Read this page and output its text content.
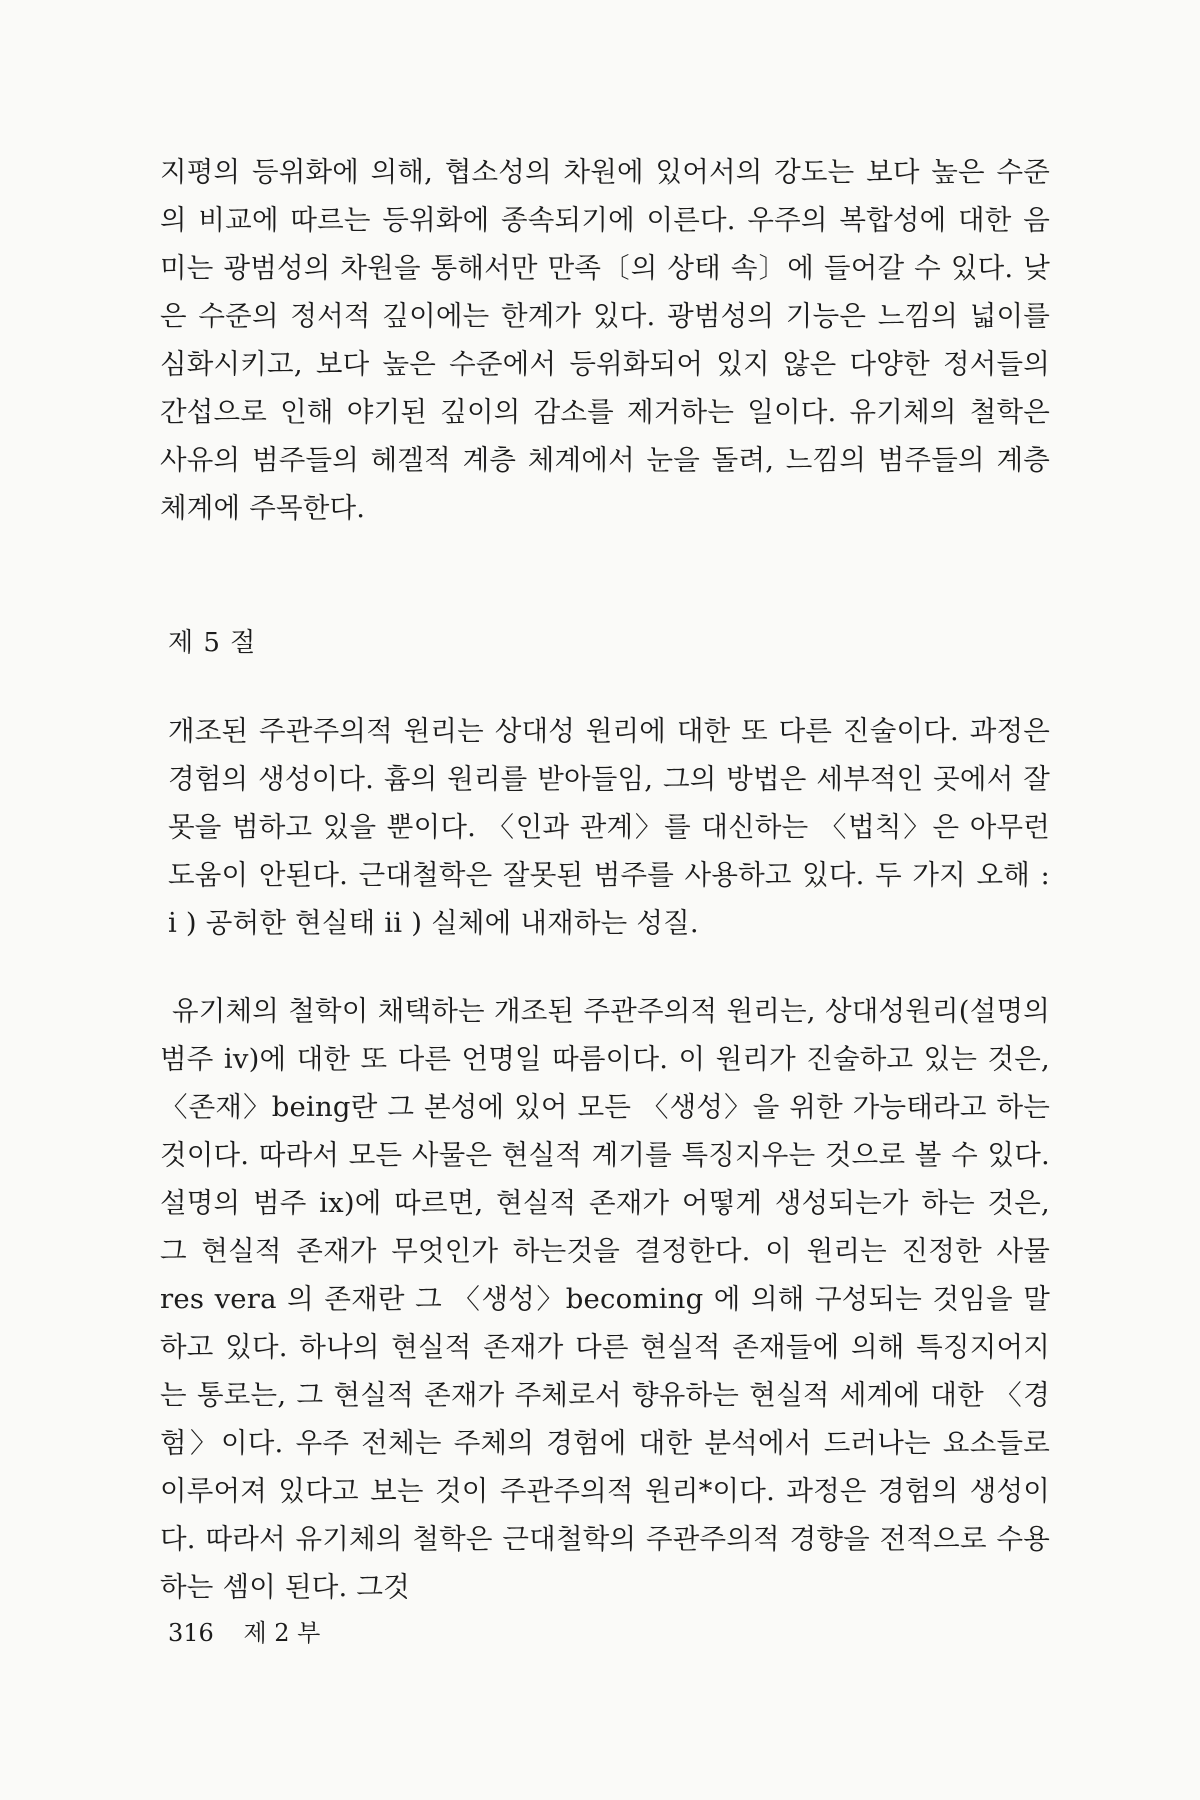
지평의 등위화에 의해, 협소성의 차원에 있어서의 강도는 보다 높은 수준의 비교에 따르는 등위화에 종속되기에 이른다. 우주의 복합성에 대한 음미는 광범성의 차원을 통해서만 만족〔의 상태 속〕에 들어갈 수 있다. 낮은 수준의 정서적 깊이에는 한계가 있다. 광범성의 기능은 느낌의 넓이를 심화시키고, 보다 높은 수준에서 등위화되어 있지 않은 다양한 정서들의 간섭으로 인해 야기된 깊이의 감소를 제거하는 일이다. 유기체의 철학은 사유의 범주들의 헤겔적 계층 체계에서 눈을 돌려, 느낌의 범주들의 계층 체계에 주목한다.

제 5 절

개조된 주관주의적 원리는 상대성 원리에 대한 또 다른 진술이다. 과정은 경험의 생성이다. 흄의 원리를 받아들임, 그의 방법은 세부적인 곳에서 잘못을 범하고 있을 뿐이다. 〈인과 관계〉를 대신하는 〈법칙〉은 아무런 도움이 안된다. 근대철학은 잘못된 범주를 사용하고 있다. 두 가지 오해 : i ) 공허한 현실태 ii ) 실체에 내재하는 성질.

유기체의 철학이 채택하는 개조된 주관주의적 원리는, 상대성원리(설명의 범주 iv)에 대한 또 다른 언명일 따름이다. 이 원리가 진술하고 있는 것은, 〈존재〉being란 그 본성에 있어 모든 〈생성〉을 위한 가능태라고 하는 것이다. 따라서 모든 사물은 현실적 계기를 특징지우는 것으로 볼 수 있다. 설명의 범주 ix)에 따르면, 현실적 존재가 어떻게 생성되는가 하는 것은, 그 현실적 존재가 무엇인가 하는것을 결정한다. 이 원리는 진정한 사물 res vera 의 존재란 그 〈생성〉becoming 에 의해 구성되는 것임을 말하고 있다. 하나의 현실적 존재가 다른 현실적 존재들에 의해 특징지어지는 통로는, 그 현실적 존재가 주체로서 향유하는 현실적 세계에 대한 〈경험〉이다. 우주 전체는 주체의 경험에 대한 분석에서 드러나는 요소들로 이루어져 있다고 보는 것이 주관주의적 원리*이다. 과정은 경험의 생성이다. 따라서 유기체의 철학은 근대철학의 주관주의적 경향을 전적으로 수용하는 셈이 된다. 그것

316 제 2 부
